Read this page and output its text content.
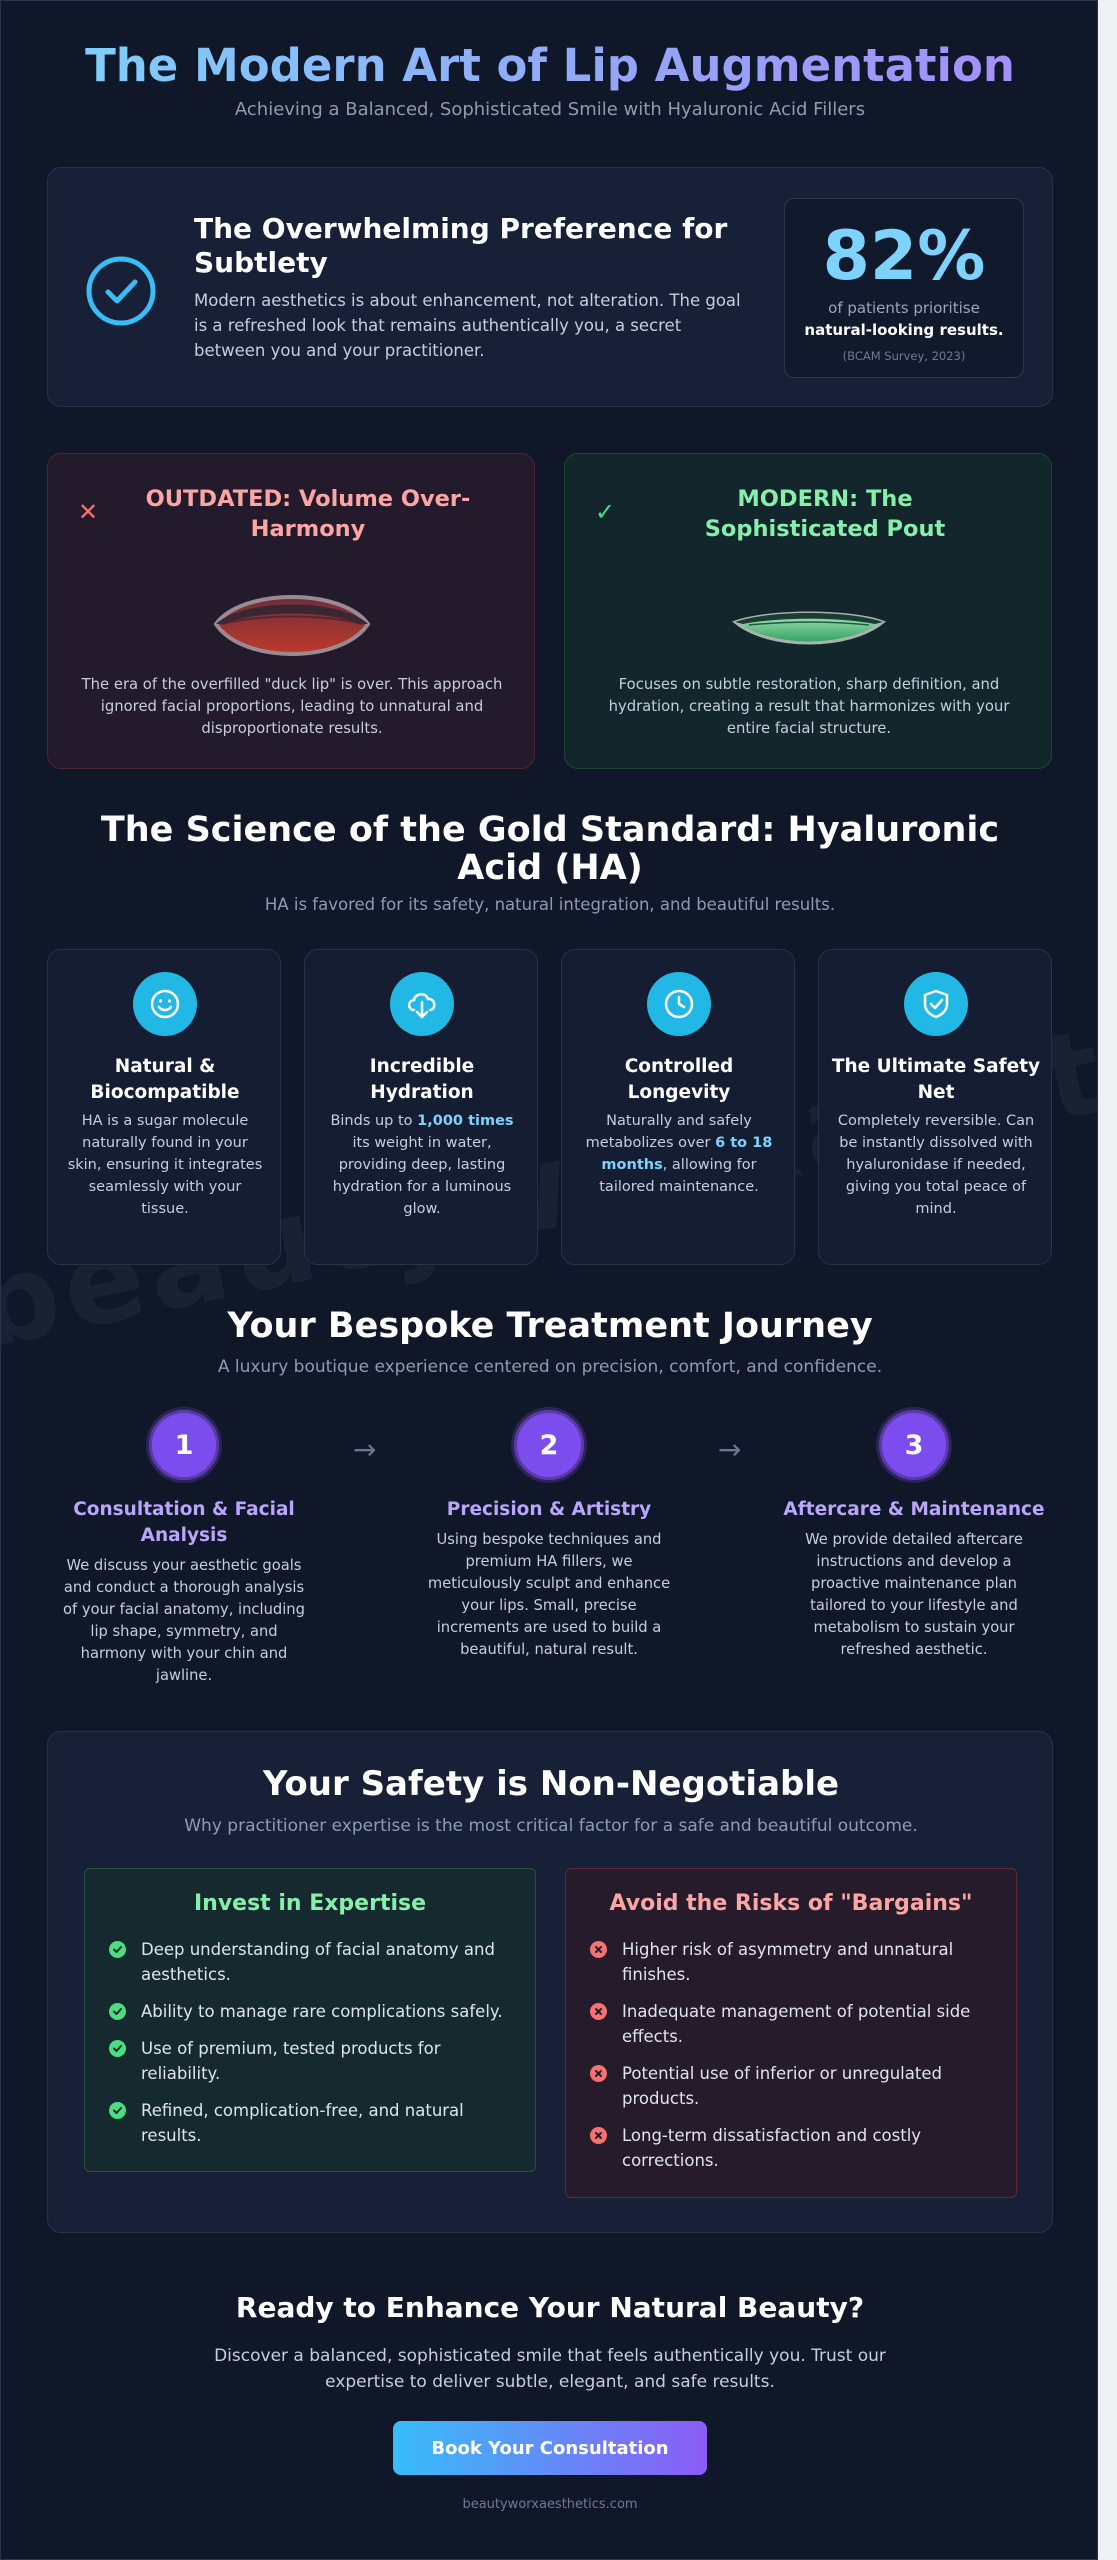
The Modern Art of Lip Augmentation
Achieving a Balanced, Sophisticated Smile with Hyaluronic Acid Fillers
The Overwhelming Preference for Subtlety

Modern aesthetics is about enhancement, not alteration. The goal is a refreshed look that remains authentically you, a secret between you and your practitioner.

82%
of patients prioritise
natural-looking results.
(BCAM Survey, 2023)
✕	OUTDATED: Volume Over-Harmony

The era of the overfilled "duck lip" is over. This approach ignored facial proportions, leading to unnatural and disproportionate results.

✓	MODERN: The Sophisticated Pout

Focuses on subtle restoration, sharp definition, and hydration, creating a result that harmonizes with your entire facial structure.

The Science of the Gold Standard: Hyaluronic Acid (HA)
HA is favored for its safety, natural integration, and beautiful results.
Natural & Biocompatible

HA is a sugar molecule naturally found in your skin, ensuring it integrates seamlessly with your tissue.

Incredible Hydration

Binds up to 1,000 times its weight in water, providing deep, lasting hydration for a luminous glow.

Controlled Longevity

Naturally and safely metabolizes over 6 to 18 months, allowing for tailored maintenance.

The Ultimate Safety Net

Completely reversible. Can be instantly dissolved with hyaluronidase if needed, giving you total peace of mind.

Your Bespoke Treatment Journey
A luxury boutique experience centered on precision, comfort, and confidence.
1	→	2	→	3
Consultation & Facial Analysis
We discuss your aesthetic goals and conduct a thorough analysis of your facial anatomy, including lip shape, symmetry, and harmony with your chin and jawline.
Precision & Artistry
Using bespoke techniques and premium HA fillers, we meticulously sculpt and enhance your lips. Small, precise increments are used to build a beautiful, natural result.
Aftercare & Maintenance
We provide detailed aftercare instructions and develop a proactive maintenance plan tailored to your lifestyle and metabolism to sustain your refreshed aesthetic.
Your Safety is Non-Negotiable
Why practitioner expertise is the most critical factor for a safe and beautiful outcome.
Invest in Expertise
Deep understanding of facial anatomy and aesthetics.
Ability to manage rare complications safely.
Use of premium, tested products for reliability.
Refined, complication-free, and natural results.
Avoid the Risks of "Bargains"
Higher risk of asymmetry and unnatural finishes.
Inadequate management of potential side effects.
Potential use of inferior or unregulated products.
Long-term dissatisfaction and costly corrections.
Ready to Enhance Your Natural Beauty?
Discover a balanced, sophisticated smile that feels authentically you. Trust our expertise to deliver subtle, elegant, and safe results.
Book Your Consultation
beautyworxaesthetics.com
